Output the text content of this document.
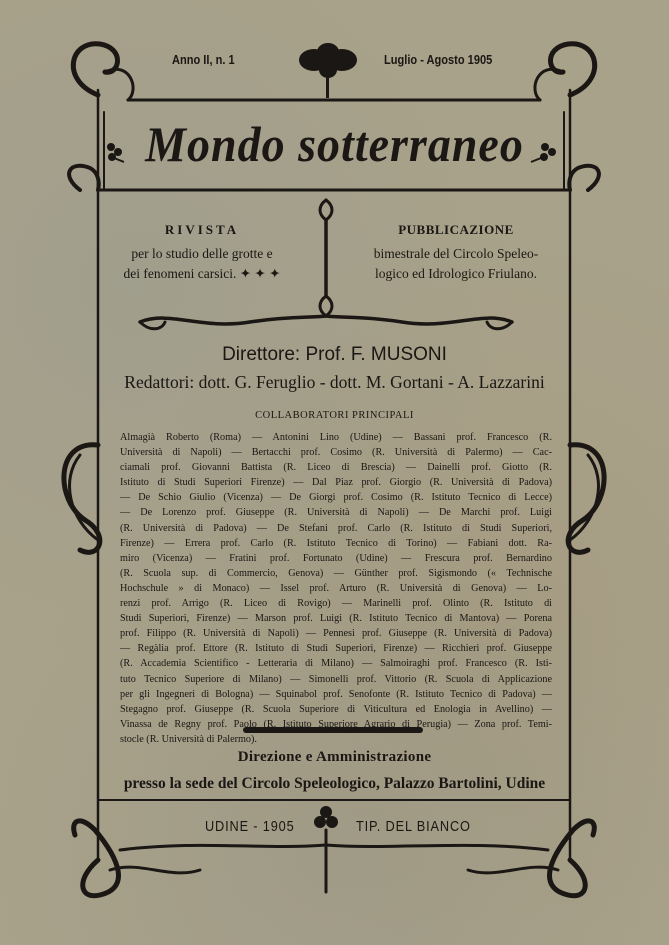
Anno II, n. 1	Luglio - Agosto 1905
Mondo sotterraneo
RIVISTA
per lo studio delle grotte e
dei fenomeni carsici. ✦ ✦ ✦
PUBBLICAZIONE
bimestrale del Circolo Speleo-
logico ed Idrologico Friulano.
Direttore: Prof. F. MUSONI
Redattori: dott. G. Feruglio - dott. M. Gortani - A. Lazzarini
COLLABORATORI PRINCIPALI
Almagià Roberto (Roma) — Antonini Lino (Udine) — Bassani prof. Francesco (R.
Università di Napoli) — Bertacchi prof. Cosimo (R. Università di Palermo) — Cac-
ciamali prof. Giovanni Battista (R. Liceo di Brescia) — Dainelli prof. Giotto (R.
Istituto di Studi Superiori Firenze) — Dal Piaz prof. Giorgio (R. Università di Padova)
— De Schio Giulio (Vicenza) — De Giorgi prof. Cosimo (R. Istituto Tecnico di Lecce)
— De Lorenzo prof. Giuseppe (R. Università di Napoli) — De Marchi prof. Luigi
(R. Università di Padova) — De Stefani prof. Carlo (R. Istituto di Studi Superiori,
Firenze) — Errera prof. Carlo (R. Istituto Tecnico di Torino) — Fabiani dott. Ra-
miro (Vicenza) — Fratini prof. Fortunato (Udine) — Frescura prof. Bernardino
(R. Scuola sup. di Commercio, Genova) — Günther prof. Sigismondo (« Technische
Hochschule » di Monaco) — Issel prof. Arturo (R. Università di Genova) — Lo-
renzi prof. Arrigo (R. Liceo di Rovigo) — Marinelli prof. Olinto (R. Istituto di
Studi Superiori, Firenze) — Marson prof. Luigi (R. Istituto Tecnico di Mantova) — Porena
prof. Filippo (R. Università di Napoli) — Pennesi prof. Giuseppe (R. Università di Padova)
— Regàlia prof. Ettore (R. Istituto di Studi Superiori, Firenze) — Ricchieri prof. Giuseppe
(R. Accademia Scientifico - Letteraria di Milano) — Salmoiraghi prof. Francesco (R. Isti-
tuto Tecnico Superiore di Milano) — Simonelli prof. Vittorio (R. Scuola di Applicazione
per gli Ingegneri di Bologna) — Squinabol prof. Senofonte (R. Istituto Tecnico di Padova) —
Stegagno prof. Giuseppe (R. Scuola Superiore di Viticultura ed Enologia in Avellino) —
Vinassa de Regny prof. Paolo (R. Istituto Superiore Agrario di Perugia) — Zona prof. Temi-
stocle (R. Università di Palermo).
Direzione e Amministrazione
presso la sede del Circolo Speleologico, Palazzo Bartolini, Udine
UDINE - 1905	TIP. DEL BIANCO
